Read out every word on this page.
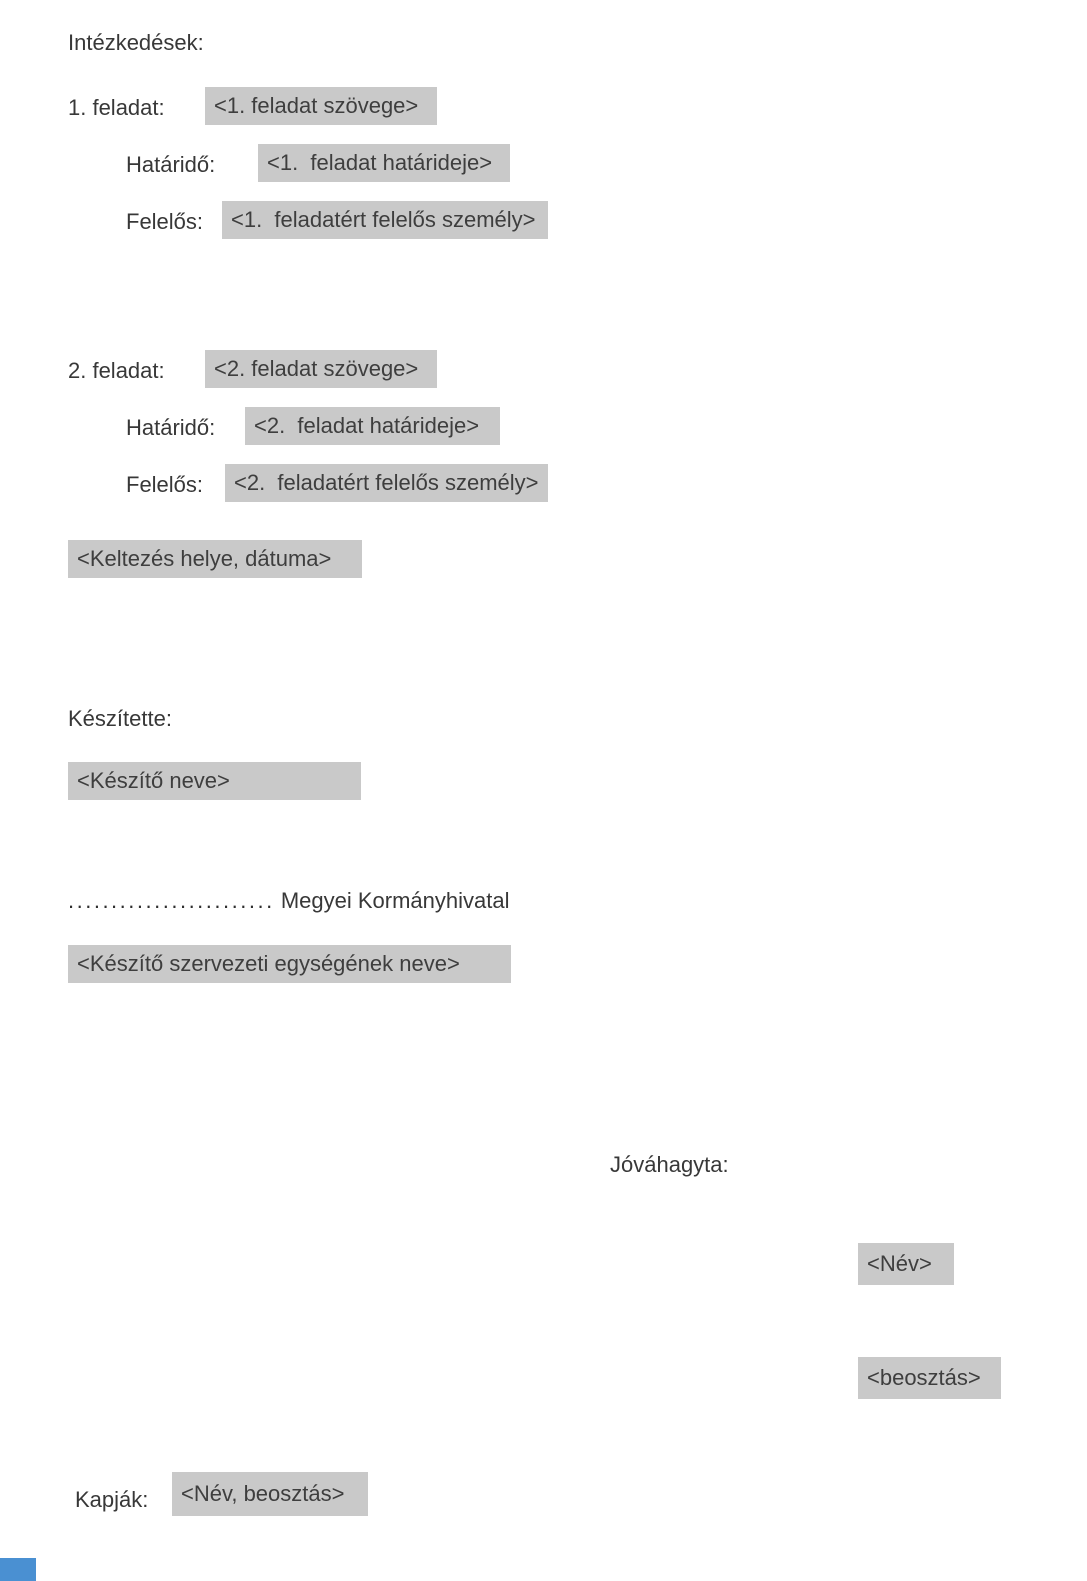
Intézkedések:
1. feladat:	<1. feladat szövege>
Határidő:	<1.  feladat határideje>
Felelős:	<1.  feladatért felelős személy>
2. feladat:	<2. feladat szövege>
Határidő:	<2.  feladat határideje>
Felelős:	<2.  feladatért felelős személy>
<Keltezés helye, dátuma>
Készítette:
<Készítő neve>
........................ Megyei Kormányhivatal
<Készítő szervezeti egységének neve>
Jóváhagyta:
<Név>
<beosztás>
Kapják:	<Név, beosztás>
